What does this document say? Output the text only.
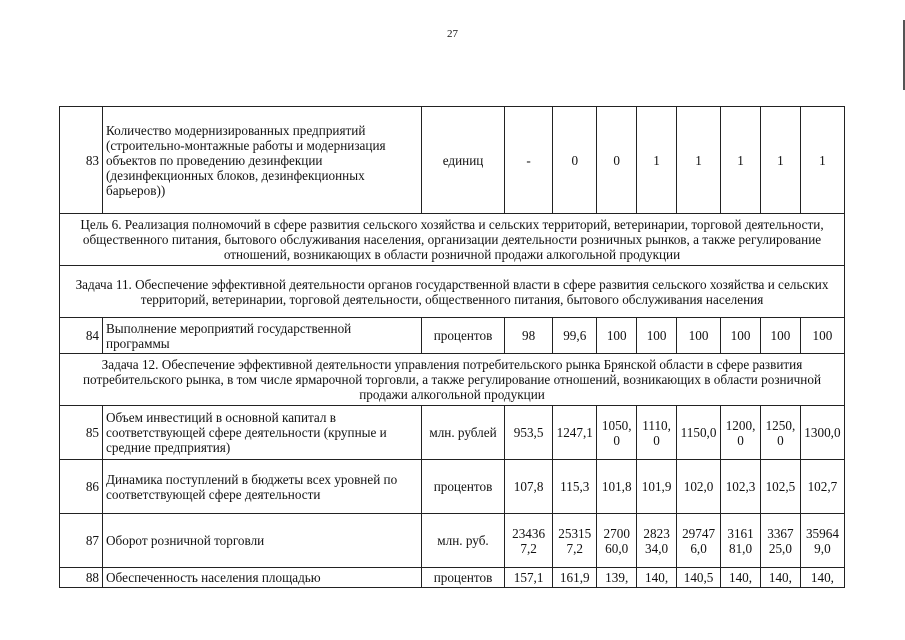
27
83	Количество модернизированных предприятий (строительно-монтажные работы и модернизация объектов по проведению дезинфекции (дезинфекционных блоков, дезинфекционных барьеров))	единиц	-	0	0	1	1	1	1	1
Цель 6. Реализация полномочий в сфере развития сельского хозяйства и сельских территорий, ветеринарии, торговой деятельности, общественного питания, бытового обслуживания населения, организации деятельности розничных рынков, а также регулирование отношений, возникающих в области розничной продажи алкогольной продукции										
Задача 11. Обеспечение эффективной деятельности органов государственной власти в сфере развития сельского хозяйства и сельских территорий, ветеринарии, торговой деятельности, общественного питания, бытового обслуживания населения										
84	Выполнение мероприятий государственной программы	процентов	98	99,6	100	100	100	100	100	100
Задача 12. Обеспечение эффективной деятельности управления потребительского рынка Брянской области в сфере развития потребительского рынка, в том числе ярмарочной торговли, а также регулирование отношений, возникающих в области розничной продажи алкогольной продукции										
85	Объем инвестиций в основной капитал в соответствующей сфере деятельности (крупные и средние предприятия)	млн. рублей	953,5	1247,1	1050,0	1110,0	1150,0	1200,0	1250,0	1300,0
86	Динамика поступлений в бюджеты всех уровней по соответствующей сфере деятельности	процентов	107,8	115,3	101,8	101,9	102,0	102,3	102,5	102,7
87	Оборот розничной торговли	млн. руб.	234367,2	253157,2	270060,0	282334,0	297476,0	316181,0	336725,0	359649,0
88	Обеспеченность населения площадью	процентов	157,1	161,9	139,	140,	140,5	140,	140,	140,
